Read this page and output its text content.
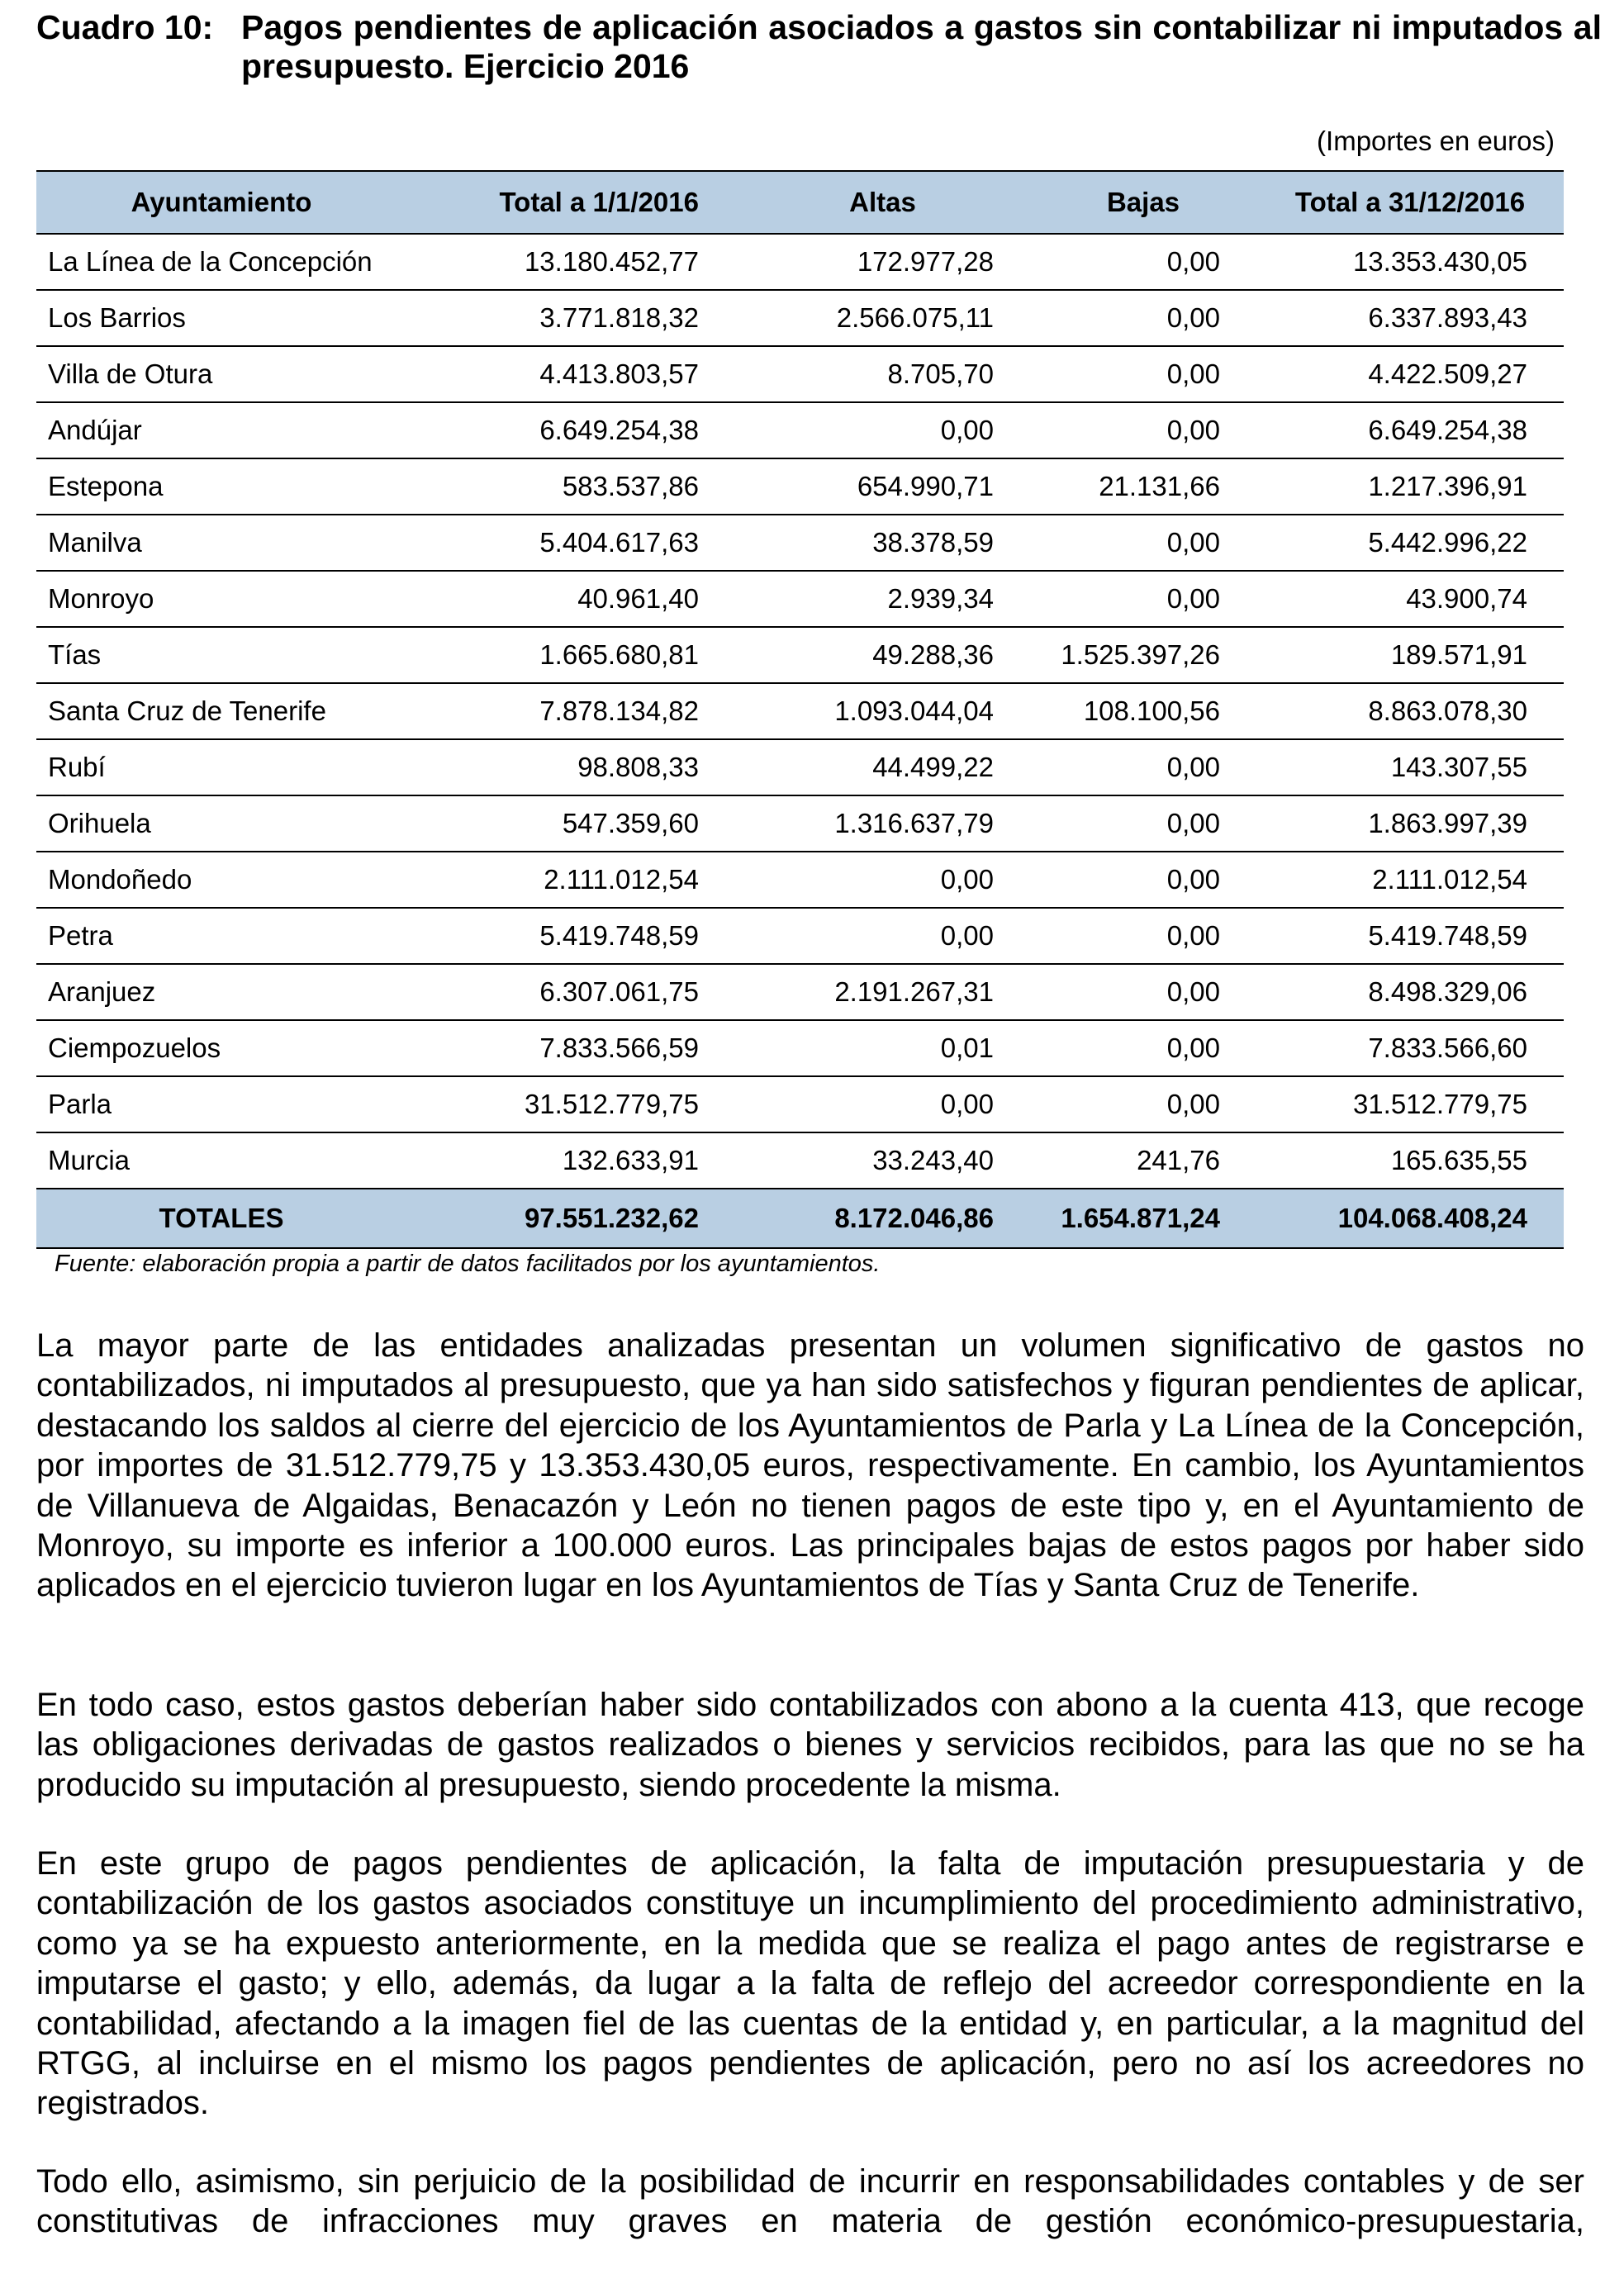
Cuadro 10: Pagos pendientes de aplicación asociados a gastos sin contabilizar ni imputados al presupuesto. Ejercicio 2016
(Importes en euros)
Ayuntamiento	Total a 1/1/2016	Altas	Bajas	Total a 31/12/2016
La Línea de la Concepción	13.180.452,77	172.977,28	0,00	13.353.430,05
Los Barrios	3.771.818,32	2.566.075,11	0,00	6.337.893,43
Villa de Otura	4.413.803,57	8.705,70	0,00	4.422.509,27
Andújar	6.649.254,38	0,00	0,00	6.649.254,38
Estepona	583.537,86	654.990,71	21.131,66	1.217.396,91
Manilva	5.404.617,63	38.378,59	0,00	5.442.996,22
Monroyo	40.961,40	2.939,34	0,00	43.900,74
Tías	1.665.680,81	49.288,36	1.525.397,26	189.571,91
Santa Cruz de Tenerife	7.878.134,82	1.093.044,04	108.100,56	8.863.078,30
Rubí	98.808,33	44.499,22	0,00	143.307,55
Orihuela	547.359,60	1.316.637,79	0,00	1.863.997,39
Mondoñedo	2.111.012,54	0,00	0,00	2.111.012,54
Petra	5.419.748,59	0,00	0,00	5.419.748,59
Aranjuez	6.307.061,75	2.191.267,31	0,00	8.498.329,06
Ciempozuelos	7.833.566,59	0,01	0,00	7.833.566,60
Parla	31.512.779,75	0,00	0,00	31.512.779,75
Murcia	132.633,91	33.243,40	241,76	165.635,55
TOTALES	97.551.232,62	8.172.046,86	1.654.871,24	104.068.408,24
Fuente: elaboración propia a partir de datos facilitados por los ayuntamientos.
La mayor parte de las entidades analizadas presentan un volumen significativo de gastos no contabilizados, ni imputados al presupuesto, que ya han sido satisfechos y figuran pendientes de aplicar, destacando los saldos al cierre del ejercicio de los Ayuntamientos de Parla y La Línea de la Concepción, por importes de 31.512.779,75 y 13.353.430,05 euros, respectivamente. En cambio, los Ayuntamientos de Villanueva de Algaidas, Benacazón y León no tienen pagos de este tipo y, en el Ayuntamiento de Monroyo, su importe es inferior a 100.000 euros. Las principales bajas de estos pagos por haber sido aplicados en el ejercicio tuvieron lugar en los Ayuntamientos de Tías y Santa Cruz de Tenerife.
En todo caso, estos gastos deberían haber sido contabilizados con abono a la cuenta 413, que recoge las obligaciones derivadas de gastos realizados o bienes y servicios recibidos, para las que no se ha producido su imputación al presupuesto, siendo procedente la misma.
En este grupo de pagos pendientes de aplicación, la falta de imputación presupuestaria y de contabilización de los gastos asociados constituye un incumplimiento del procedimiento administrativo, como ya se ha expuesto anteriormente, en la medida que se realiza el pago antes de registrarse e imputarse el gasto; y ello, además, da lugar a la falta de reflejo del acreedor correspondiente en la contabilidad, afectando a la imagen fiel de las cuentas de la entidad y, en particular, a la magnitud del RTGG, al incluirse en el mismo los pagos pendientes de aplicación, pero no así los acreedores no registrados.
Todo ello, asimismo, sin perjuicio de la posibilidad de incurrir en responsabilidades contables y de ser constitutivas de infracciones muy graves en materia de gestión económico-presupuestaria,
